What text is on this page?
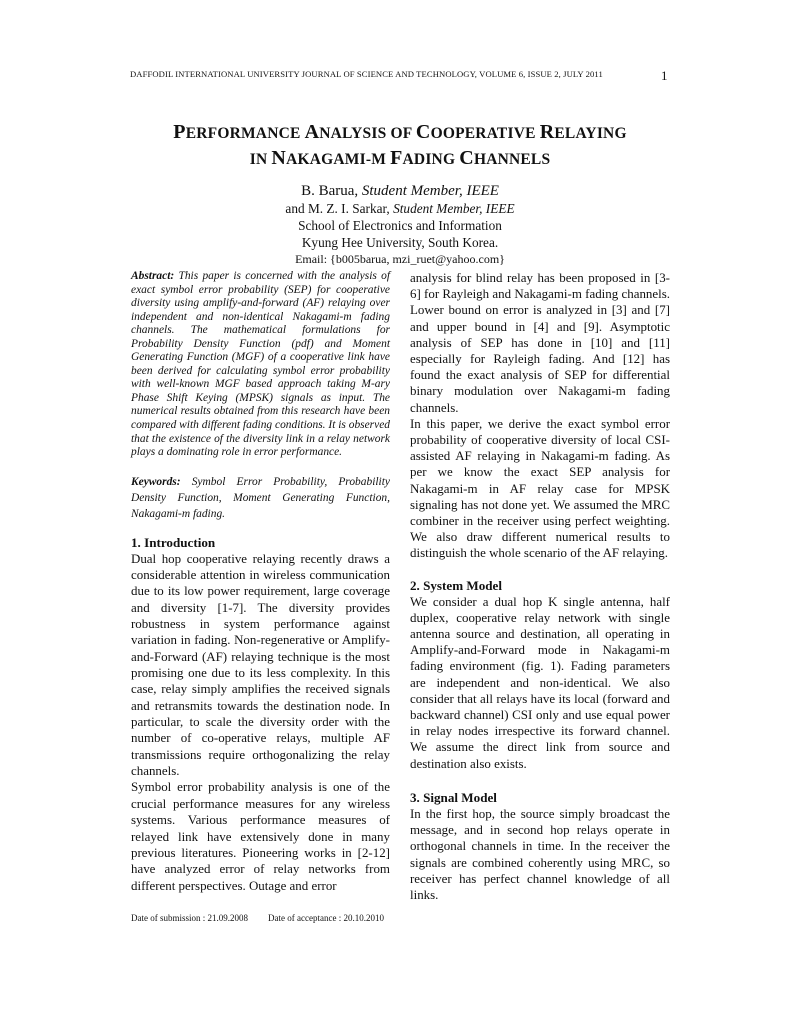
DAFFODIL INTERNATIONAL UNIVERSITY JOURNAL OF SCIENCE AND TECHNOLOGY, VOLUME 6, ISSUE 2, JULY 2011	1
PERFORMANCE ANALYSIS OF COOPERATIVE RELAYING
IN NAKAGAMI-M FADING CHANNELS
B. Barua, Student Member, IEEE
and M. Z. I. Sarkar, Student Member, IEEE
School of Electronics and Information
Kyung Hee University, South Korea.
Email: {b005barua, mzi_ruet@yahoo.com}

Abstract: This paper is concerned with the analysis of exact symbol error probability (SEP) for cooperative diversity using amplify-and-forward (AF) relaying over independent and non-identical Nakagami-m fading channels. The mathematical formulations for Probability Density Function (pdf) and Moment Generating Function (MGF) of a cooperative link have been derived for calculating symbol error probability with well-known MGF based approach taking M-ary Phase Shift Keying (MPSK) signals as input. The numerical results obtained from this research have been compared with different fading conditions. It is observed that the existence of the diversity link in a relay network plays a dominating role in error performance.

Keywords: Symbol Error Probability, Probability Density Function, Moment Generating Function, Nakagami-m fading.

1. Introduction

Dual hop cooperative relaying recently draws a considerable attention in wireless communication due to its low power requirement, large coverage and diversity [1-7]. The diversity provides robustness in system performance against variation in fading. Non-regenerative or Amplify-and-Forward (AF) relaying technique is the most promising one due to its less complexity. In this case, relay simply amplifies the received signals and retransmits towards the destination node. In particular, to scale the diversity order with the number of co-operative relays, multiple AF transmissions require orthogonalizing the relay channels.

Symbol error probability analysis is one of the crucial performance measures for any wireless systems. Various performance measures of relayed link have extensively done in many previous literatures. Pioneering works in [2-12] have analyzed error of relay networks from different perspectives. Outage and error

analysis for blind relay has been proposed in [3-6] for Rayleigh and Nakagami-m fading channels. Lower bound on error is analyzed in [3] and [7] and upper bound in [4] and [9]. Asymptotic analysis of SEP has done in [10] and [11] especially for Rayleigh fading. And [12] has found the exact analysis of SEP for differential binary modulation over Nakagami-m fading channels.

In this paper, we derive the exact symbol error probability of cooperative diversity of local CSI-assisted AF relaying in Nakagami-m fading. As per we know the exact SEP analysis for Nakagami-m in AF relay case for MPSK signaling has not done yet. We assumed the MRC combiner in the receiver using perfect weighting. We also draw different numerical results to distinguish the whole scenario of the AF relaying.

2. System Model

We consider a dual hop K single antenna, half duplex, cooperative relay network with single antenna source and destination, all operating in Amplify-and-Forward mode in Nakagami-m fading environment (fig. 1). Fading parameters are independent and non-identical. We also consider that all relays have its local (forward and backward channel) CSI only and use equal power in relay nodes irrespective its forward channel. We assume the direct link from source and destination also exists.

3. Signal Model

In the first hop, the source simply broadcast the message, and in second hop relays operate in orthogonal channels in time. In the receiver the signals are combined coherently using MRC, so receiver has perfect channel knowledge of all links.

Date of submission : 21.09.2008 Date of acceptance : 20.10.2010
